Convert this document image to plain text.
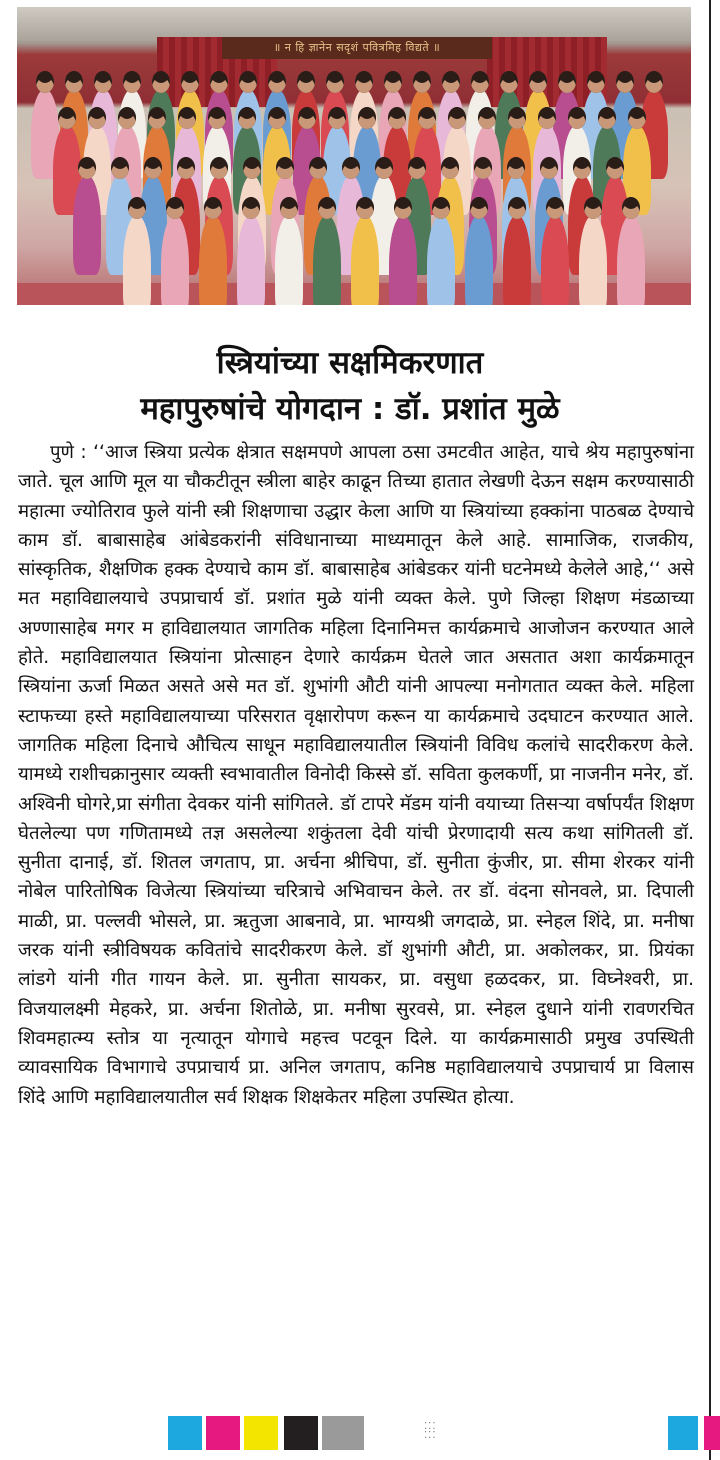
॥ न हि ज्ञानेन सदृशं पवित्रमिह विद्यते ॥
स्त्रियांच्या सक्षमिकरणात
महापुरुषांचे योगदान : डॉ. प्रशांत मुळे

पुणे : ‘‘आज स्त्रिया प्रत्येक क्षेत्रात सक्षमपणे आपला ठसा उमटवीत आहेत, याचे श्रेय महापुरुषांना जाते. चूल आणि मूल या चौकटीतून स्त्रीला बाहेर काढून तिच्या हातात लेखणी देऊन सक्षम करण्यासाठी महात्मा ज्योतिराव फुले यांनी स्त्री शिक्षणाचा उद्धार केला आणि या स्त्रियांच्या हक्कांना पाठबळ देण्याचे काम डॉ. बाबासाहेब आंबेडकरांनी संविधानाच्या माध्यमातून केले आहे. सामाजिक, राजकीय, सांस्कृतिक, शैक्षणिक हक्क देण्याचे काम डॉ. बाबासाहेब आंबेडकर यांनी घटनेमध्ये केलेले आहे,‘‘ असे मत महाविद्यालयाचे उपप्राचार्य डॉ. प्रशांत मुळे यांनी व्यक्त केले. पुणे जिल्हा शिक्षण मंडळाच्या अण्णासाहेब मगर म हाविद्यालयात जागतिक महिला दिनानिमत्त कार्यक्रमाचे आजोजन करण्यात आले होते. महाविद्यालयात स्त्रियांना प्रोत्साहन देणारे कार्यक्रम घेतले जात असतात अशा कार्यक्रमातून स्त्रियांना ऊर्जा मिळत असते असे मत डॉ. शुभांगी औटी यांनी आपल्या मनोगतात व्यक्त केले. महिला स्टाफच्या हस्ते महाविद्यालयाच्या परिसरात वृक्षारोपण करून या कार्यक्रमाचे उदघाटन करण्यात आले. जागतिक महिला दिनाचे औचित्य साधून महाविद्यालयातील स्त्रियांनी विविध कलांचे सादरीकरण केले. यामध्ये राशीचक्रानुसार व्यक्ती स्वभावातील विनोदी किस्से डॉ. सविता कुलकर्णी, प्रा नाजनीन मनेर, डॉ. अश्विनी घोगरे,प्रा संगीता देवकर यांनी सांगितले. डॉ टापरे मॅडम यांनी वयाच्या तिसऱ्या वर्षापर्यंत शिक्षण घेतलेल्या पण गणितामध्ये तज्ञ असलेल्या शकुंतला देवी यांची प्रेरणादायी सत्य कथा सांगितली डॉ. सुनीता दानाई, डॉ. शितल जगताप, प्रा. अर्चना श्रीचिपा, डॉ. सुनीता कुंजीर, प्रा. सीमा शेरकर यांनी नोबेल पारितोषिक विजेत्या स्त्रियांच्या चरित्राचे अभिवाचन केले. तर डॉ. वंदना सोनवले, प्रा. दिपाली माळी, प्रा. पल्लवी भोसले, प्रा. ऋतुजा आबनावे, प्रा. भाग्यश्री जगदाळे, प्रा. स्नेहल शिंदे, प्रा. मनीषा जरक यांनी स्त्रीविषयक कवितांचे सादरीकरण केले. डॉ शुभांगी औटी, प्रा. अकोलकर, प्रा. प्रियंका लांडगे यांनी गीत गायन केले. प्रा. सुनीता सायकर, प्रा. वसुधा हळदकर, प्रा. विघ्नेश्वरी, प्रा. विजयालक्ष्मी मेहकरे, प्रा. अर्चना शितोळे, प्रा. मनीषा सुरवसे, प्रा. स्नेहल दुधाने यांनी रावणरचित शिवमहात्म्य स्तोत्र या नृत्यातून योगाचे महत्त्व पटवून दिले. या कार्यक्रमासाठी प्रमुख उपस्थिती व्यावसायिक विभागाचे उपप्राचार्य प्रा. अनिल जगताप, कनिष्ठ महाविद्यालयाचे उपप्राचार्य प्रा विलास शिंदे आणि महाविद्यालयातील सर्व शिक्षक शिक्षकेतर महिला उपस्थित होत्या.

⁚⁚⁚
⁚⁚⁚
